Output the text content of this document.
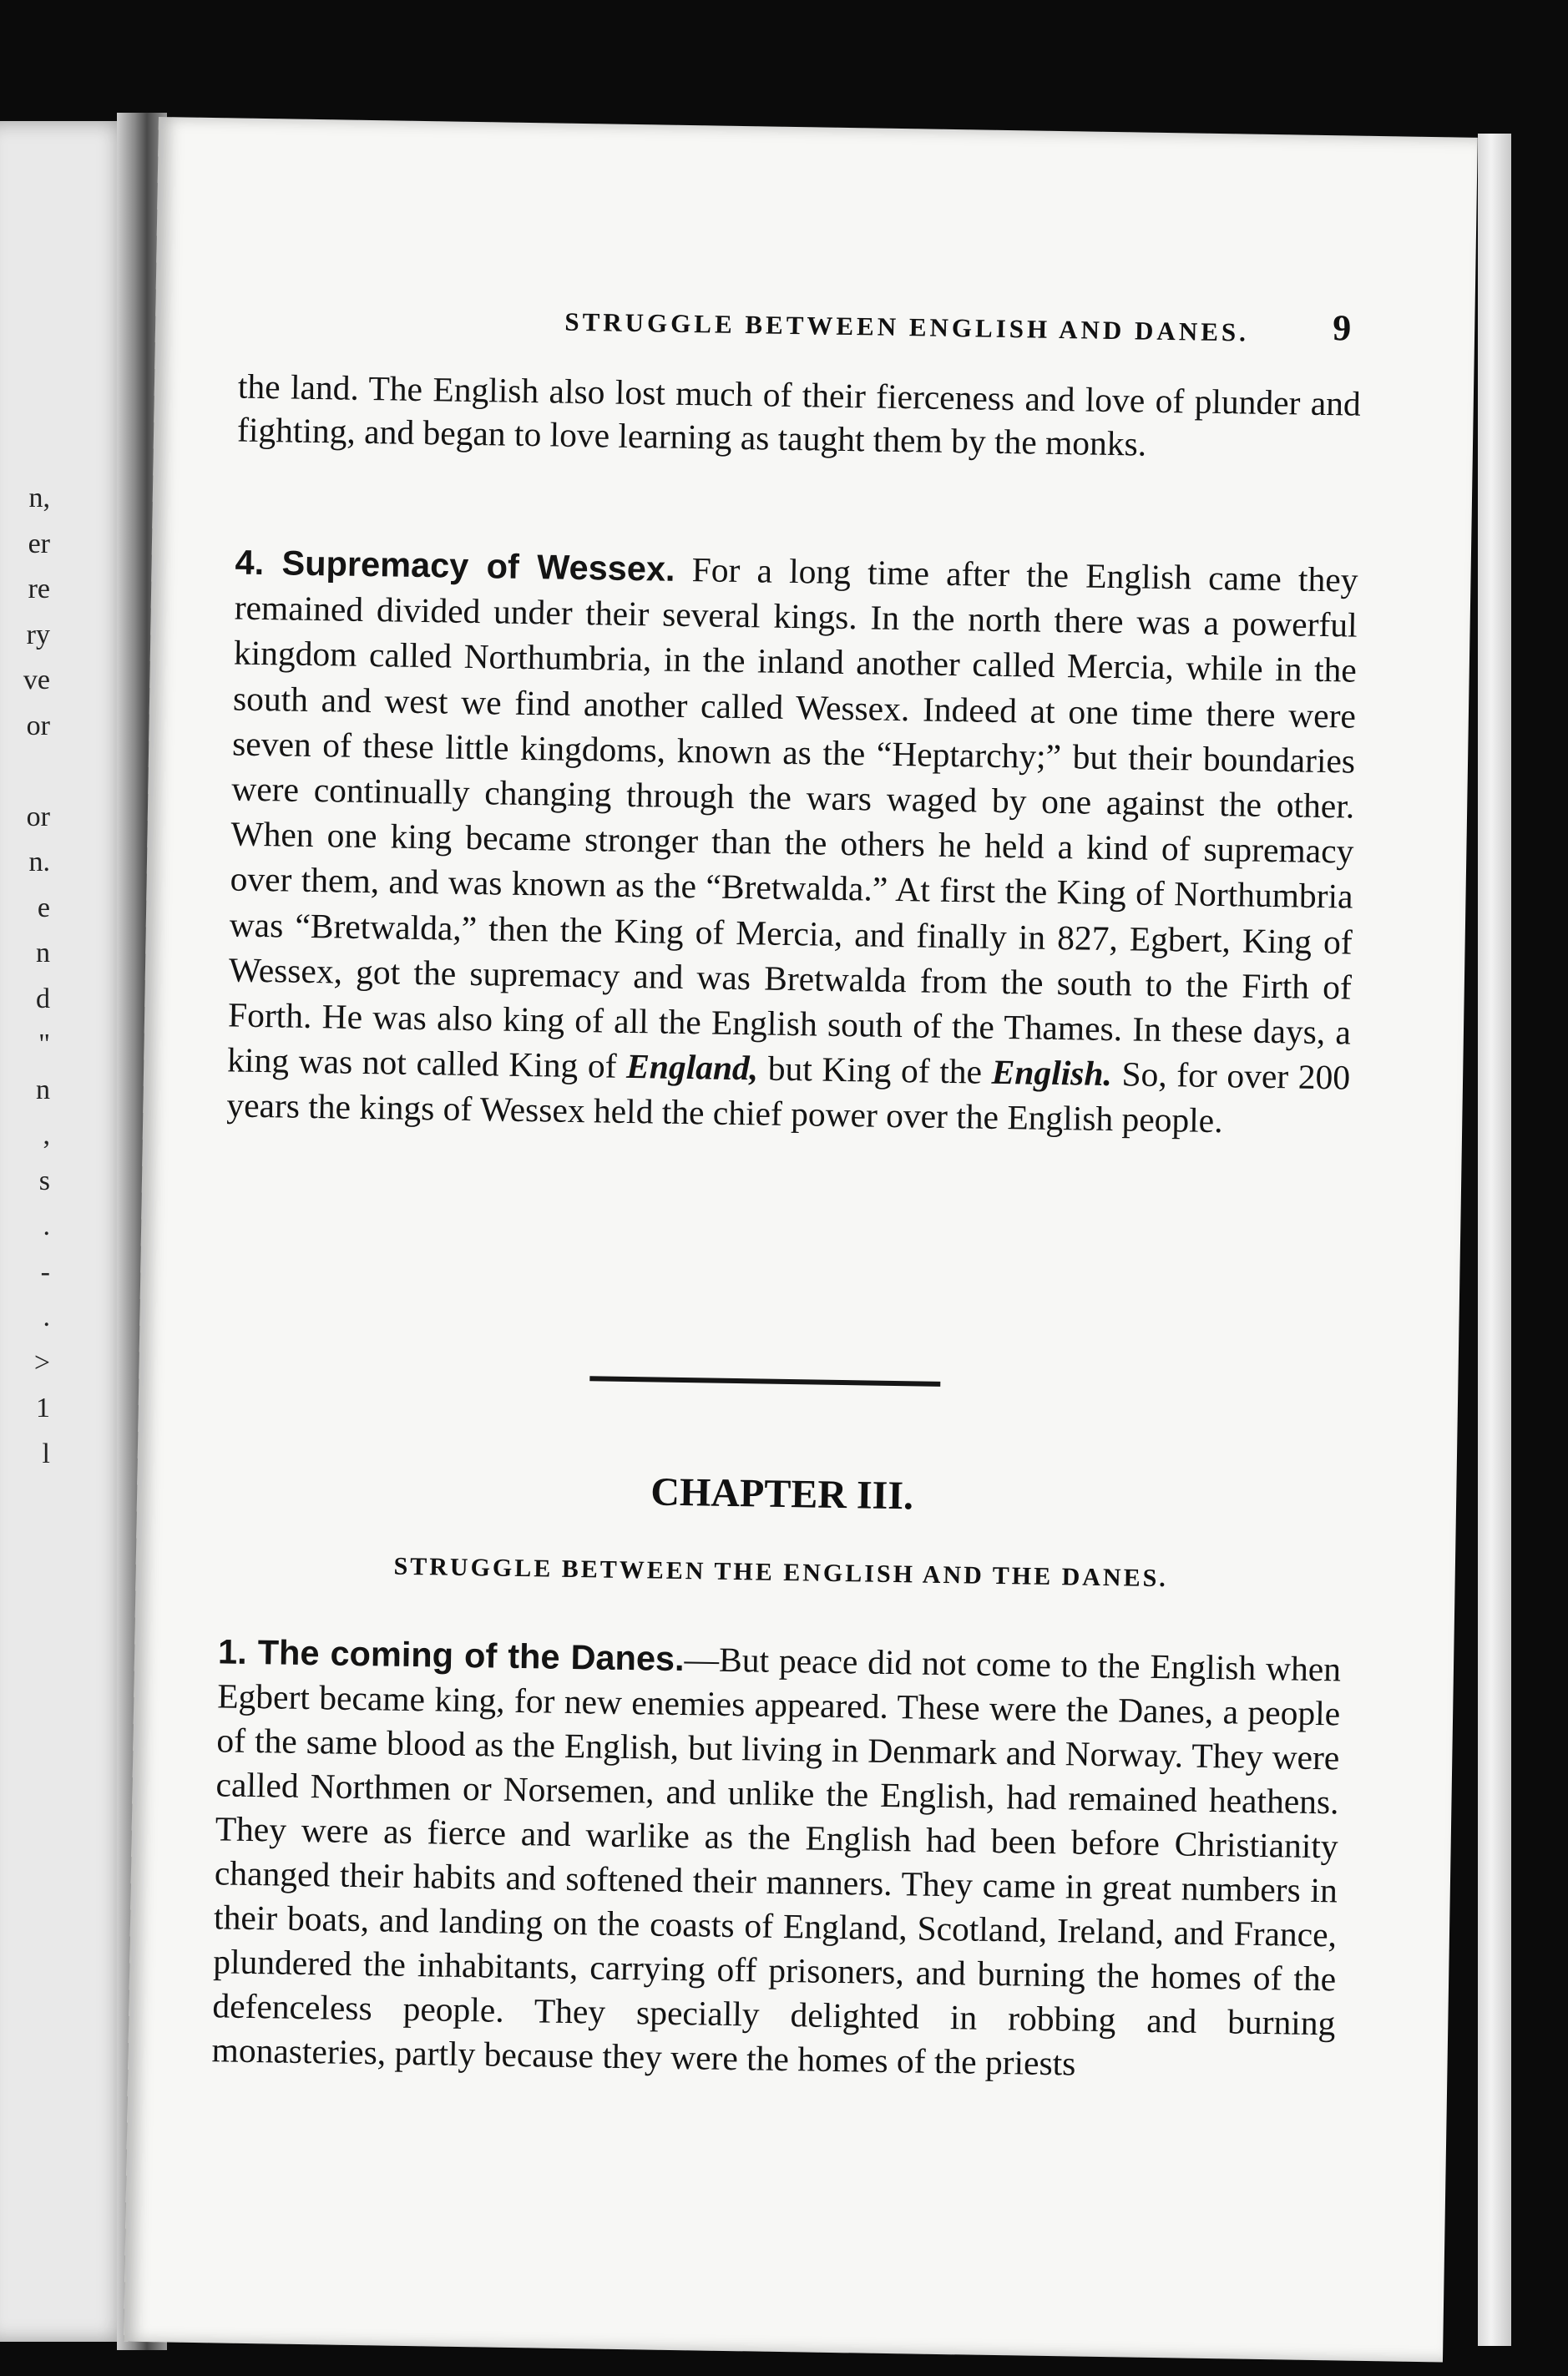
n,
er
re
ry
ve
or
or
n.
e
n
d
"
n
,
s
.
-
.
>
1
l
STRUGGLE BETWEEN ENGLISH AND DANES.	9

the land. The English also lost much of their fierceness and love of plunder and fighting, and began to love learning as taught them by the monks.

4. Supremacy of Wessex. For a long time after the English came they remained divided under their several kings. In the north there was a powerful kingdom called Northumbria, in the inland another called Mercia, while in the south and west we find another called Wessex. Indeed at one time there were seven of these little kingdoms, known as the “Heptarchy;” but their boundaries were continually changing through the wars waged by one against the other. When one king became stronger than the others he held a kind of supremacy over them, and was known as the “Bretwalda.” At first the King of Northumbria was “Bretwalda,” then the King of Mercia, and finally in 827, Egbert, King of Wessex, got the supremacy and was Bretwalda from the south to the Firth of Forth. He was also king of all the English south of the Thames. In these days, a king was not called King of England, but King of the English. So, for over 200 years the kings of Wessex held the chief power over the English people.

CHAPTER III.
STRUGGLE BETWEEN THE ENGLISH AND THE DANES.

1. The coming of the Danes.—But peace did not come to the English when Egbert became king, for new enemies appeared. These were the Danes, a people of the same blood as the English, but living in Denmark and Norway. They were called Northmen or Norsemen, and unlike the English, had remained heathens. They were as fierce and warlike as the English had been before Christianity changed their habits and softened their manners. They came in great numbers in their boats, and landing on the coasts of England, Scotland, Ireland, and France, plundered the inhabitants, carrying off prisoners, and burning the homes of the defenceless people. They specially delighted in robbing and burning monasteries, partly because they were the homes of the priests
